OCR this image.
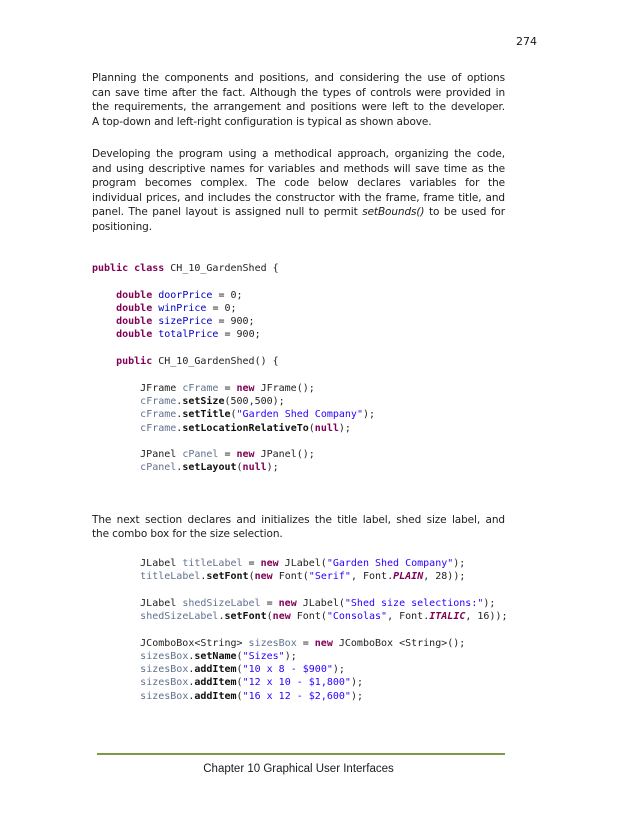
274
Planning the components and positions, and considering the use of options
can save time after the fact. Although the types of controls were provided in
the requirements, the arrangement and positions were left to the developer.
A top-down and left-right configuration is typical as shown above.
Developing the program using a methodical approach, organizing the code,
and using descriptive names for variables and methods will save time as the
program becomes complex. The code below declares variables for the
individual prices, and includes the constructor with the frame, frame title, and
panel. The panel layout is assigned null to permit setBounds() to be used for
positioning.
public class CH_10_GardenShed {

double doorPrice = 0;
double winPrice = 0;
double sizePrice = 900;
double totalPrice = 900;

public CH_10_GardenShed() {

JFrame cFrame = new JFrame();
cFrame.setSize(500,500);
cFrame.setTitle("Garden Shed Company");
cFrame.setLocationRelativeTo(null);

JPanel cPanel = new JPanel();
cPanel.setLayout(null);
The next section declares and initializes the title label, shed size label, and
the combo box for the size selection.
JLabel titleLabel = new JLabel("Garden Shed Company");
titleLabel.setFont(new Font("Serif", Font.PLAIN, 28));

JLabel shedSizeLabel = new JLabel("Shed size selections:");
shedSizeLabel.setFont(new Font("Consolas", Font.ITALIC, 16));

JComboBox<String> sizesBox = new JComboBox <String>();
sizesBox.setName("Sizes");
sizesBox.addItem("10 x 8 - $900");
sizesBox.addItem("12 x 10 - $1,800");
sizesBox.addItem("16 x 12 - $2,600");
Chapter 10 Graphical User Interfaces
